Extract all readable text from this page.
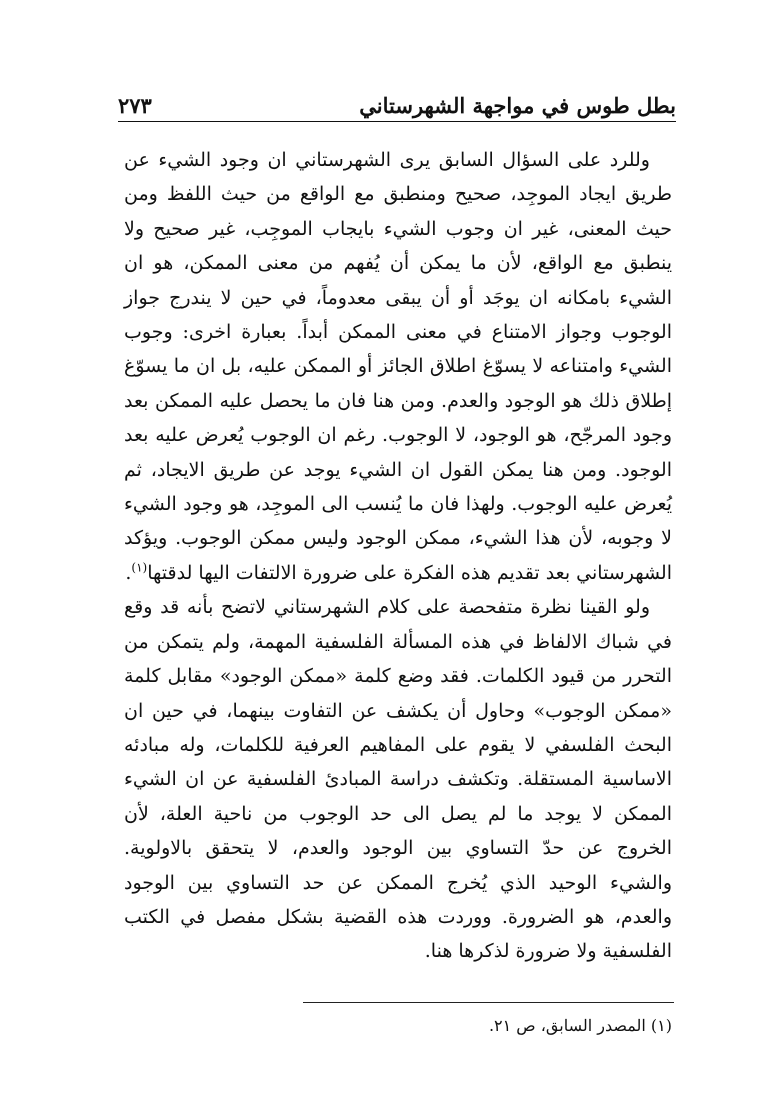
بطل طوس في مواجهة الشهرستاني
٢٧٣

وللرد على السؤال السابق يرى الشهرستاني ان وجود الشيء عن طريق ايجاد الموجِد، صحيح ومنطبق مع الواقع من حيث اللفظ ومن حيث المعنى، غير ان وجوب الشيء بايجاب الموجِب، غير صحيح ولا ينطبق مع الواقع، لأن ما يمكن أن يُفهم من معنى الممكن، هو ان الشيء بامكانه ان يوجَد أو أن يبقى معدوماً، في حين لا يندرج جواز الوجوب وجواز الامتناع في معنى الممكن أبداً. بعبارة اخرى: وجوب الشيء وامتناعه لا يسوّغ اطلاق الجائز أو الممكن عليه، بل ان ما يسوّغ إطلاق ذلك هو الوجود والعدم. ومن هنا فان ما يحصل عليه الممكن بعد وجود المرجّح، هو الوجود، لا الوجوب. رغم ان الوجوب يُعرض عليه بعد الوجود. ومن هنا يمكن القول ان الشيء يوجد عن طريق الايجاد، ثم يُعرض عليه الوجوب. ولهذا فان ما يُنسب الى الموجِد، هو وجود الشيء لا وجوبه، لأن هذا الشيء، ممكن الوجود وليس ممكن الوجوب. ويؤكد الشهرستاني بعد تقديم هذه الفكرة على ضرورة الالتفات اليها لدقتها$^{(١)}$.

ولو القينا نظرة متفحصة على كلام الشهرستاني لاتضح بأنه قد وقع في شباك الالفاظ في هذه المسألة الفلسفية المهمة، ولم يتمكن من التحرر من قيود الكلمات. فقد وضع كلمة «ممكن الوجود» مقابل كلمة «ممكن الوجوب» وحاول أن يكشف عن التفاوت بينهما، في حين ان البحث الفلسفي لا يقوم على المفاهيم العرفية للكلمات، وله مبادئه الاساسية المستقلة. وتكشف دراسة المبادئ الفلسفية عن ان الشيء الممكن لا يوجد ما لم يصل الى حد الوجوب من ناحية العلة، لأن الخروج عن حدّ التساوي بين الوجود والعدم، لا يتحقق بالاولوية. والشيء الوحيد الذي يُخرج الممكن عن حد التساوي بين الوجود والعدم، هو الضرورة. ووردت هذه القضية بشكل مفصل في الكتب الفلسفية ولا ضرورة لذكرها هنا.

(١) المصدر السابق، ص ٢١.
